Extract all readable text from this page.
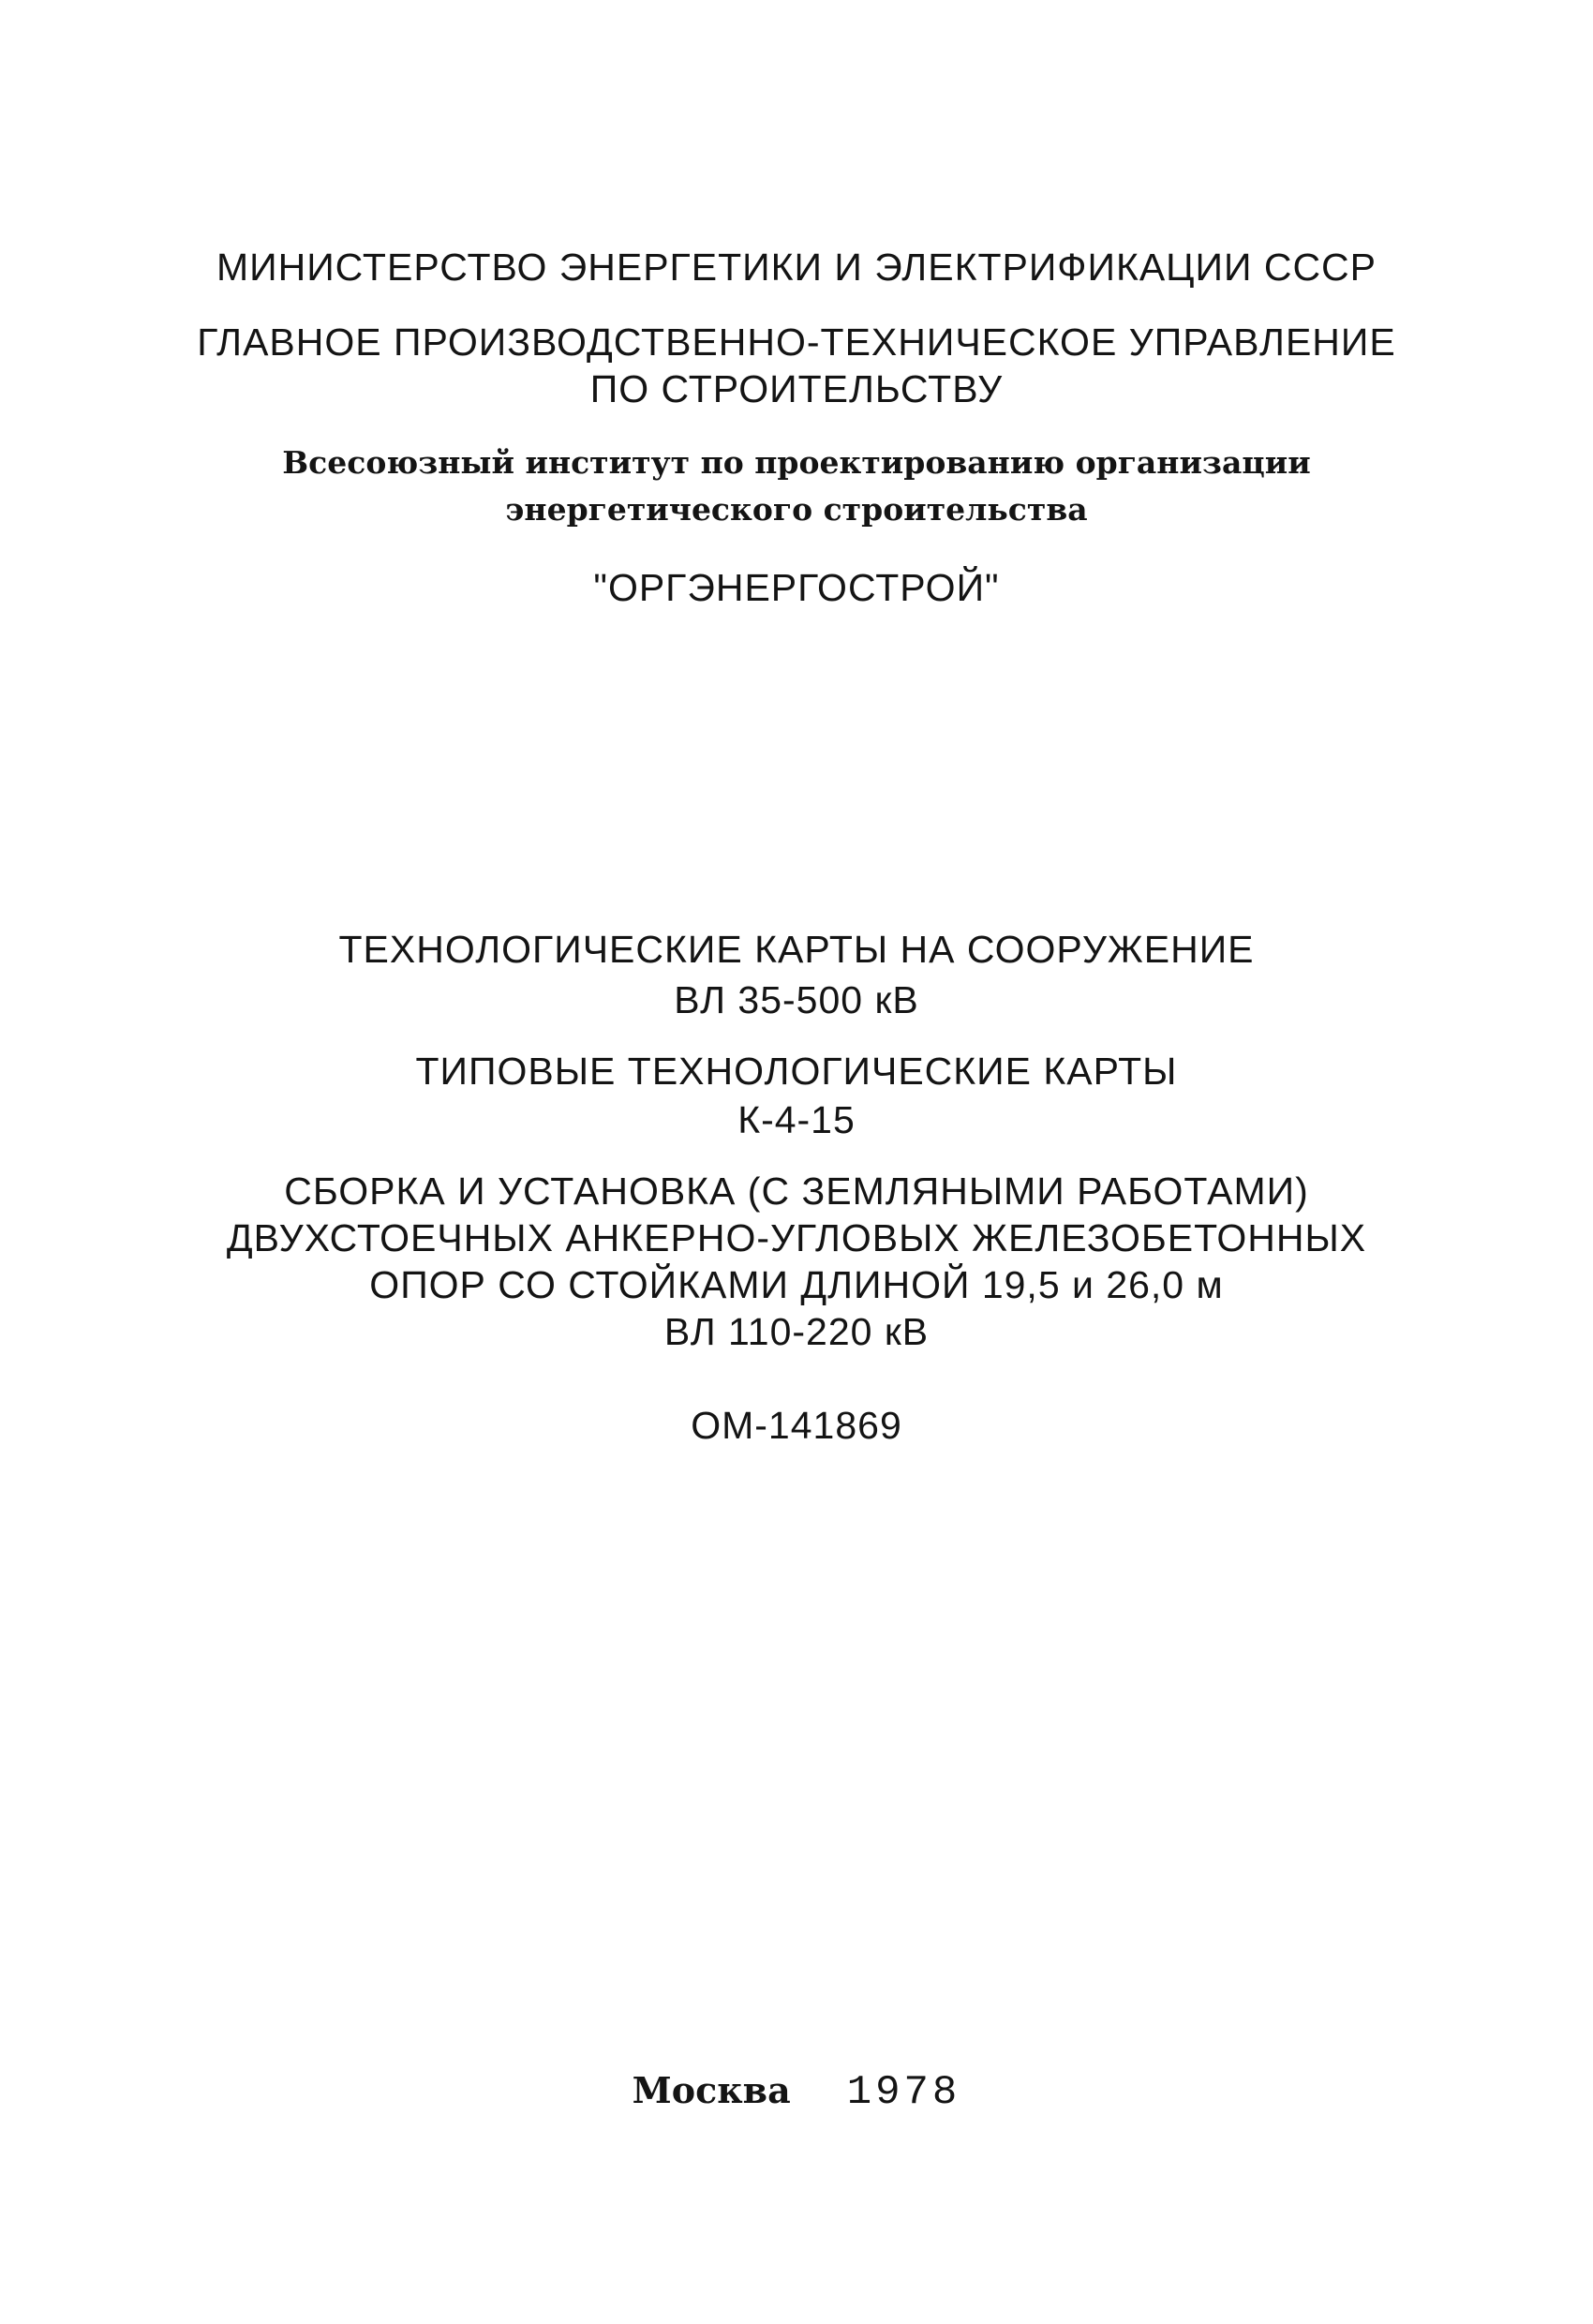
МИНИСТЕРСТВО ЭНЕРГЕТИКИ И ЭЛЕКТРИФИКАЦИИ СССР

ГЛАВНОЕ ПРОИЗВОДСТВЕННО-ТЕХНИЧЕСКОЕ УПРАВЛЕНИЕ

ПО СТРОИТЕЛЬСТВУ

Всесоюзный институт по проектированию организации

энергетического строительства

"ОРГЭНЕРГОСТРОЙ"

ТЕХНОЛОГИЧЕСКИЕ КАРТЫ НА СООРУЖЕНИЕ

ВЛ 35-500 кВ

ТИПОВЫЕ ТЕХНОЛОГИЧЕСКИЕ КАРТЫ

К-4-15

СБОРКА И УСТАНОВКА (С ЗЕМЛЯНЫМИ РАБОТАМИ)

ДВУХСТОЕЧНЫХ АНКЕРНО-УГЛОВЫХ ЖЕЛЕЗОБЕТОННЫХ

ОПОР СО СТОЙКАМИ ДЛИНОЙ 19,5 и 26,0 м

ВЛ 110-220 кВ

ОМ-141869

Москва 1978
